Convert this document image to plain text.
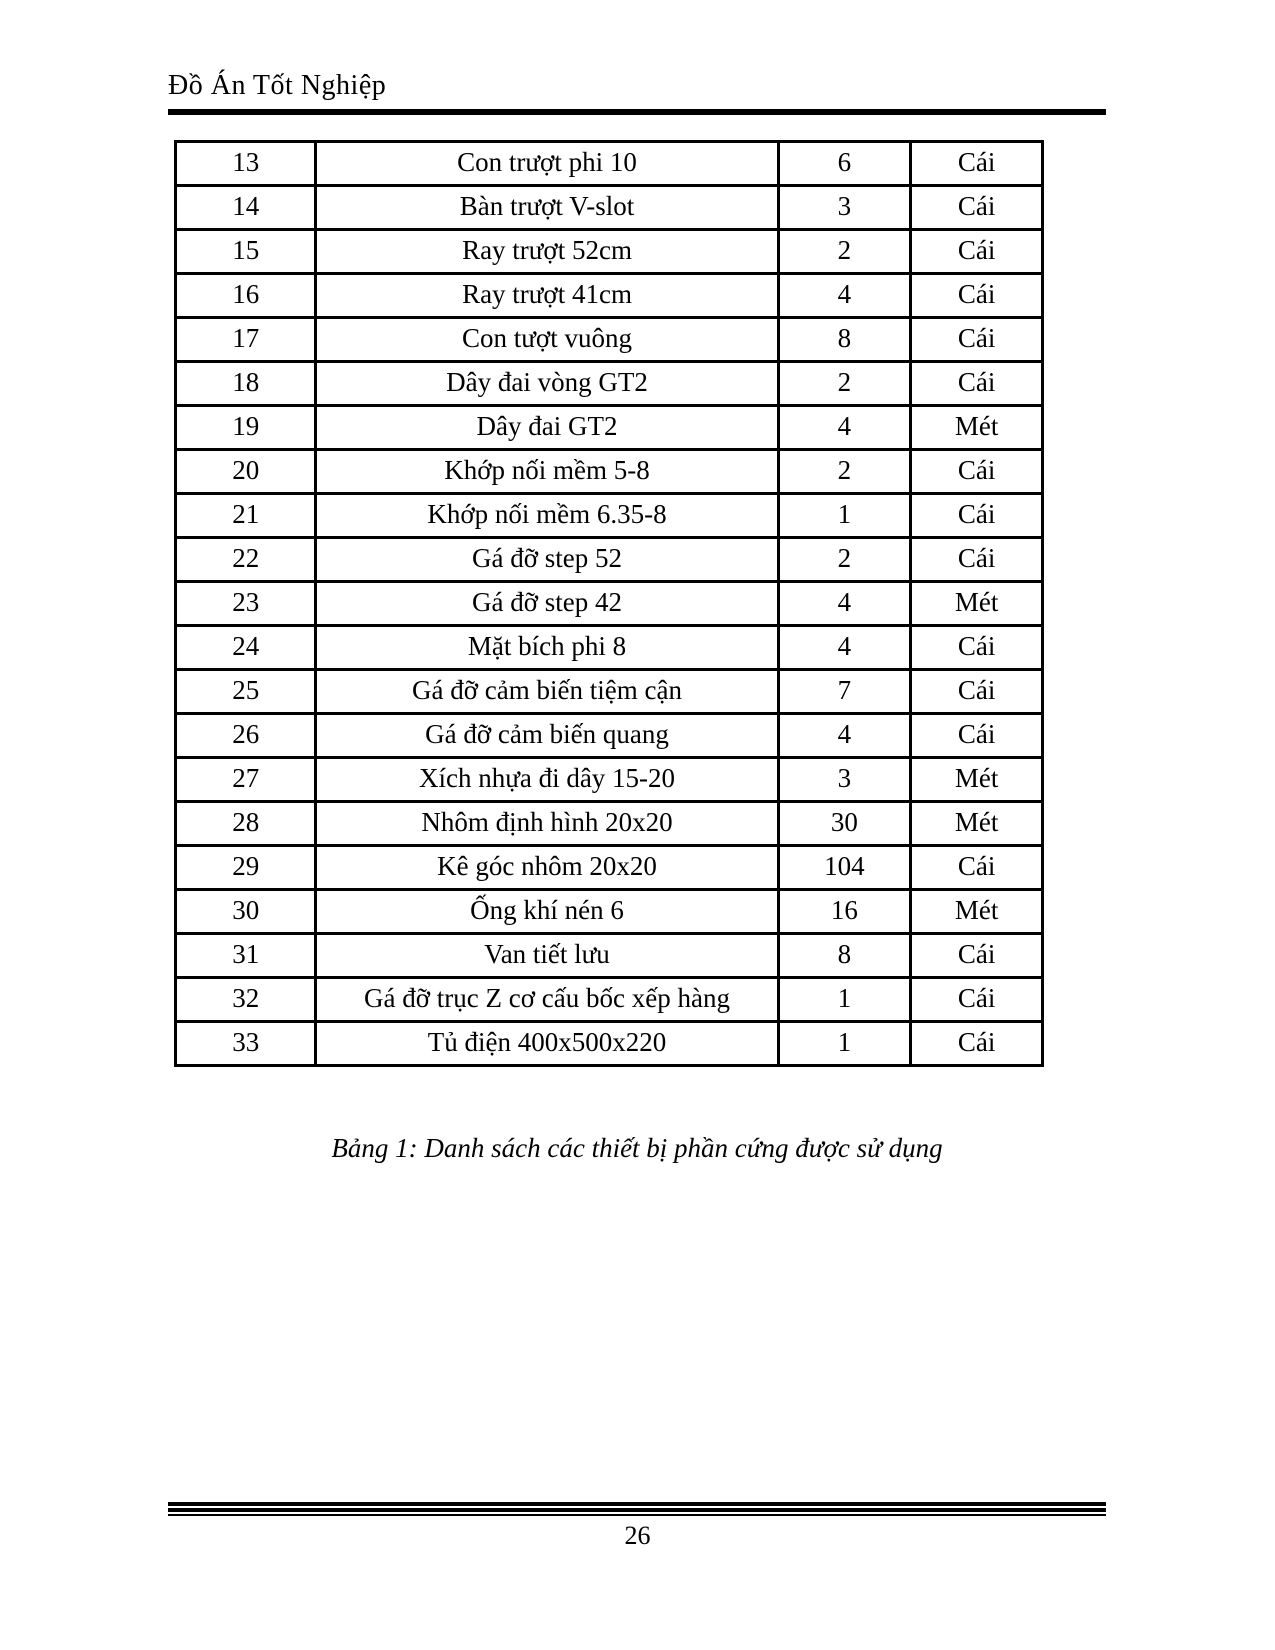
Đồ Án Tốt Nghiệp
13	Con trượt phi 10	6	Cái
14	Bàn trượt V-slot	3	Cái
15	Ray trượt 52cm	2	Cái
16	Ray trượt 41cm	4	Cái
17	Con tượt vuông	8	Cái
18	Dây đai vòng GT2	2	Cái
19	Dây đai GT2	4	Mét
20	Khớp nối mềm 5-8	2	Cái
21	Khớp nối mềm 6.35-8	1	Cái
22	Gá đỡ step 52	2	Cái
23	Gá đỡ step 42	4	Mét
24	Mặt bích phi 8	4	Cái
25	Gá đỡ cảm biến tiệm cận	7	Cái
26	Gá đỡ cảm biến quang	4	Cái
27	Xích nhựa đi dây 15-20	3	Mét
28	Nhôm định hình 20x20	30	Mét
29	Kê góc nhôm 20x20	104	Cái
30	Ống khí nén 6	16	Mét
31	Van tiết lưu	8	Cái
32	Gá đỡ trục Z cơ cấu bốc xếp hàng	1	Cái
33	Tủ điện 400x500x220	1	Cái
Bảng 1: Danh sách các thiết bị phần cứng được sử dụng
26
